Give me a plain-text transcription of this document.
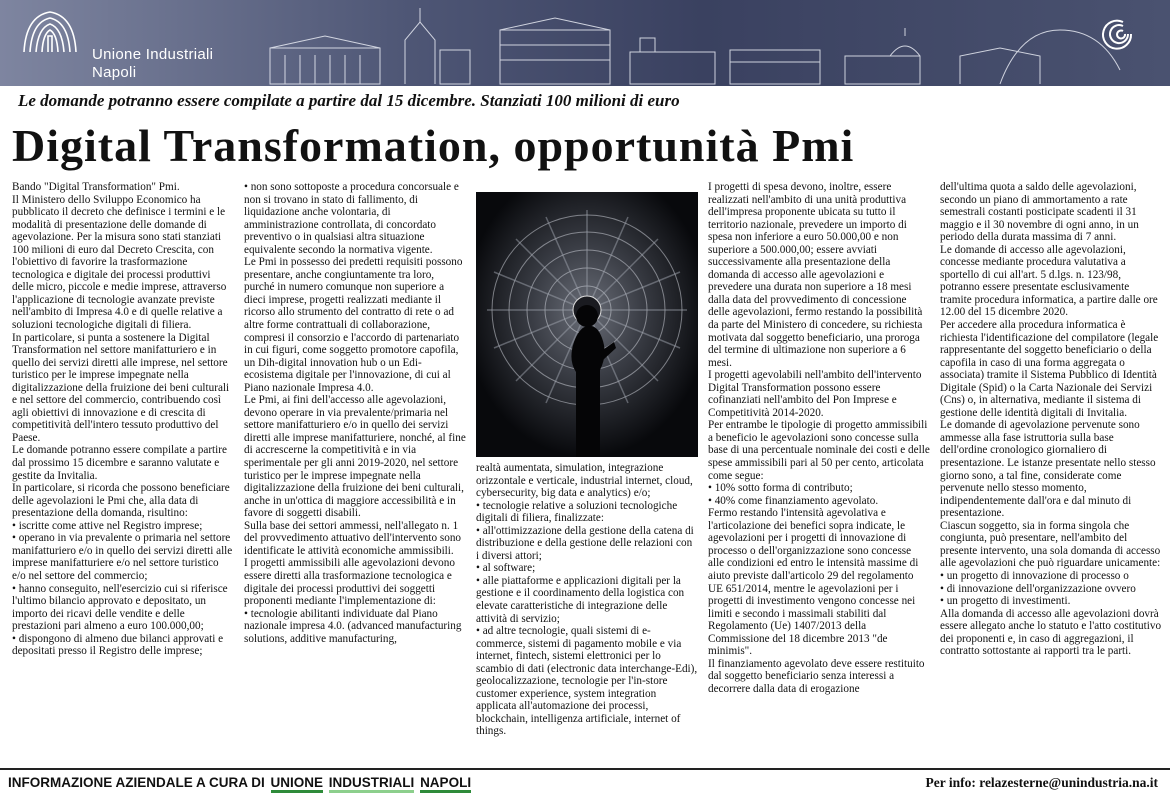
Unione Industriali
Napoli
Le domande potranno essere compilate a partire dal 15 dicembre. Stanziati 100 milioni di euro
Digital Transformation, opportunità Pmi

Bando "Digital Transformation" Pmi.

Il Ministero dello Sviluppo Economico ha pubblicato il decreto che definisce i termini e le modalità di presentazione delle domande di agevolazione. Per la misura sono stati stanziati 100 milioni di euro dal Decreto Crescita, con l'obiettivo di favorire la trasformazione tecnologica e digitale dei processi produttivi delle micro, piccole e medie imprese, attraverso l'applicazione di tecnologie avanzate previste nell'ambito di Impresa 4.0 e di quelle relative a soluzioni tecnologiche digitali di filiera.

In particolare, si punta a sostenere la Digital Transformation nel settore manifatturiero e in quello dei servizi diretti alle imprese, nel settore turistico per le imprese impegnate nella digitalizzazione della fruizione dei beni culturali e nel settore del commercio, contribuendo così agli obiettivi di innovazione e di crescita di competitività dell'intero tessuto produttivo del Paese.

Le domande potranno essere compilate a partire dal prossimo 15 dicembre e saranno valutate e gestite da Invitalia.

In particolare, si ricorda che possono beneficiare delle agevolazioni le Pmi che, alla data di presentazione della domanda, risultino:

• iscritte come attive nel Registro imprese;

• operano in via prevalente o primaria nel settore manifatturiero e/o in quello dei servizi diretti alle imprese manifatturiere e/o nel settore turistico e/o nel settore del commercio;

• hanno conseguito, nell'esercizio cui si riferisce l'ultimo bilancio approvato e depositato, un importo dei ricavi delle vendite e delle prestazioni pari almeno a euro 100.000,00;

• dispongono di almeno due bilanci approvati e depositati presso il Registro delle imprese;

• non sono sottoposte a procedura concorsuale e non si trovano in stato di fallimento, di liquidazione anche volontaria, di amministrazione controllata, di concordato preventivo o in qualsiasi altra situazione equivalente secondo la normativa vigente.

Le Pmi in possesso dei predetti requisiti possono presentare, anche congiuntamente tra loro, purché in numero comunque non superiore a dieci imprese, progetti realizzati mediante il ricorso allo strumento del contratto di rete o ad altre forme contrattuali di collaborazione, compresi il consorzio e l'accordo di partenariato in cui figuri, come soggetto promotore capofila, un Dih-digital innovation hub o un Edi-ecosistema digitale per l'innovazione, di cui al Piano nazionale Impresa 4.0.

Le Pmi, ai fini dell'accesso alle agevolazioni, devono operare in via prevalente/primaria nel settore manifatturiero e/o in quello dei servizi diretti alle imprese manifatturiere, nonché, al fine di accrescerne la competitività e in via sperimentale per gli anni 2019-2020, nel settore turistico per le imprese impegnate nella digitalizzazione della fruizione dei beni culturali, anche in un'ottica di maggiore accessibilità e in favore di soggetti disabili.

Sulla base dei settori ammessi, nell'allegato n. 1 del provvedimento attuativo dell'intervento sono identificate le attività economiche ammissibili.

I progetti ammissibili alle agevolazioni devono essere diretti alla trasformazione tecnologica e digitale dei processi produttivi dei soggetti proponenti mediante l'implementazione di:

• tecnologie abilitanti individuate dal Piano nazionale impresa 4.0. (advanced manufacturing solutions, additive manufacturing,

realtà aumentata, simulation, integrazione orizzontale e verticale, industrial internet, cloud, cybersecurity, big data e analytics) e/o;

• tecnologie relative a soluzioni tecnologiche digitali di filiera, finalizzate:

• all'ottimizzazione della gestione della catena di distribuzione e della gestione delle relazioni con i diversi attori;

• al software;

• alle piattaforme e applicazioni digitali per la gestione e il coordinamento della logistica con elevate caratteristiche di integrazione delle attività di servizio;

• ad altre tecnologie, quali sistemi di e-commerce, sistemi di pagamento mobile e via internet, fintech, sistemi elettronici per lo scambio di dati (electronic data interchange-Edi), geolocalizzazione, tecnologie per l'in-store customer experience, system integration applicata all'automazione dei processi, blockchain, intelligenza artificiale, internet of things.

I progetti di spesa devono, inoltre, essere realizzati nell'ambito di una unità produttiva dell'impresa proponente ubicata su tutto il territorio nazionale, prevedere un importo di spesa non inferiore a euro 50.000,00 e non superiore a 500.000,00; essere avviati successivamente alla presentazione della domanda di accesso alle agevolazioni e prevedere una durata non superiore a 18 mesi dalla data del provvedimento di concessione delle agevolazioni, fermo restando la possibilità da parte del Ministero di concedere, su richiesta motivata dal soggetto beneficiario, una proroga del termine di ultimazione non superiore a 6 mesi.

I progetti agevolabili nell'ambito dell'intervento Digital Transformation possono essere cofinanziati nell'ambito del Pon Imprese e Competitività 2014-2020.

Per entrambe le tipologie di progetto ammissibili a beneficio le agevolazioni sono concesse sulla base di una percentuale nominale dei costi e delle spese ammissibili pari al 50 per cento, articolata come segue:

• 10% sotto forma di contributo;

• 40% come finanziamento agevolato.

Fermo restando l'intensità agevolativa e l'articolazione dei benefici sopra indicate, le agevolazioni per i progetti di innovazione di processo o dell'organizzazione sono concesse alle condizioni ed entro le intensità massime di aiuto previste dall'articolo 29 del regolamento UE 651/2014, mentre le agevolazioni per i progetti di investimento vengono concesse nei limiti e secondo i massimali stabiliti dal Regolamento (Ue) 1407/2013 della Commissione del 18 dicembre 2013 "de minimis".

Il finanziamento agevolato deve essere restituito dal soggetto beneficiario senza interessi a decorrere dalla data di erogazione

dell'ultima quota a saldo delle agevolazioni, secondo un piano di ammortamento a rate semestrali costanti posticipate scadenti il 31 maggio e il 30 novembre di ogni anno, in un periodo della durata massima di 7 anni.

Le domande di accesso alle agevolazioni, concesse mediante procedura valutativa a sportello di cui all'art. 5 d.lgs. n. 123/98, potranno essere presentate esclusivamente tramite procedura informatica, a partire dalle ore 12.00 del 15 dicembre 2020.

Per accedere alla procedura informatica è richiesta l'identificazione del compilatore (legale rappresentante del soggetto beneficiario o della capofila in caso di una forma aggregata o associata) tramite il Sistema Pubblico di Identità Digitale (Spid) o la Carta Nazionale dei Servizi (Cns) o, in alternativa, mediante il sistema di gestione delle identità digitali di Invitalia.

Le domande di agevolazione pervenute sono ammesse alla fase istruttoria sulla base dell'ordine cronologico giornaliero di presentazione. Le istanze presentate nello stesso giorno sono, a tal fine, considerate come pervenute nello stesso momento, indipendentemente dall'ora e dal minuto di presentazione.

Ciascun soggetto, sia in forma singola che congiunta, può presentare, nell'ambito del presente intervento, una sola domanda di accesso alle agevolazioni che può riguardare unicamente:

• un progetto di innovazione di processo o

• di innovazione dell'organizzazione ovvero

• un progetto di investimenti.

Alla domanda di accesso alle agevolazioni dovrà essere allegato anche lo statuto e l'atto costitutivo dei proponenti e, in caso di aggregazioni, il contratto sottostante ai rapporti tra le parti.

INFORMAZIONE AZIENDALE A CURA DI UNIONE INDUSTRIALI NAPOLI	Per info: relazesterne@unindustria.na.it
